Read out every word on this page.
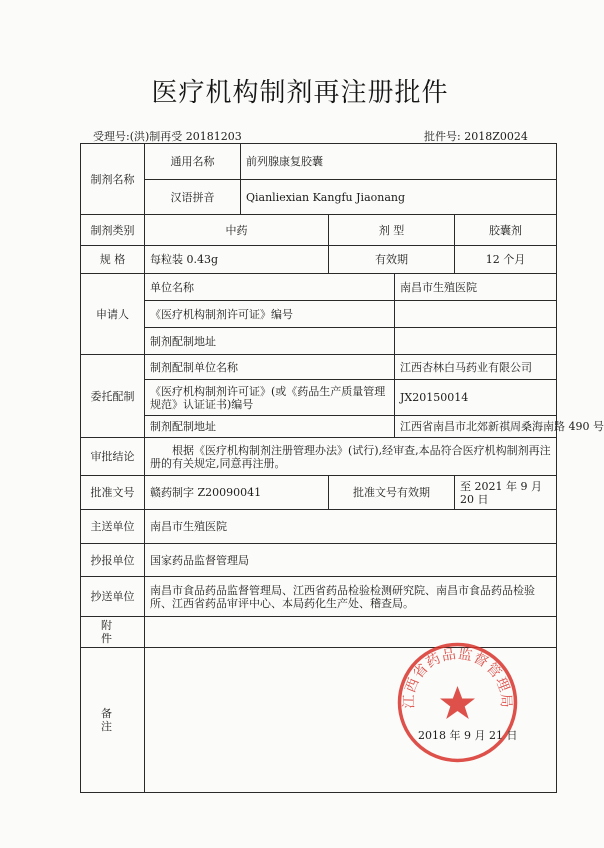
医疗机构制剂再注册批件
受理号:(洪)制再受 20181203	批件号: 2018Z0024
制剂名称	通用名称	前列腺康复胶囊			
	汉语拼音	Qianliexian Kangfu Jiaonang			
制剂类别	中药		剂 型		胶囊剂
规 格	每粒装 0.43g		有效期		12 个月
申请人	单位名称			南昌市生殖医院	
	《医疗机构制剂许可证》编号				
	制剂配制地址				
委托配制	制剂配制单位名称			江西杏林白马药业有限公司	
	《医疗机构制剂许可证》(或《药品生产质量管理规范》认证证书)编号			JX20150014	
	制剂配制地址			江西省南昌市北郊新祺周桑海南路 490 号	
审批结论	根据《医疗机构制剂注册管理办法》(试行),经审查,本品符合医疗机构制剂再注册的有关规定,同意再注册。				
批准文号	赣药制字 Z20090041		批准文号有效期		至 2021 年 9 月 20 日
主送单位	南昌市生殖医院				
抄报单位	国家药品监督管理局				
抄送单位	南昌市食品药品监督管理局、江西省药品检验检测研究院、南昌市食品药品检验所、江西省药品审评中心、本局药化生产处、稽查局。				
附 件					
备 注					
江西省药品监督管理局
2018 年 9 月 21 日
